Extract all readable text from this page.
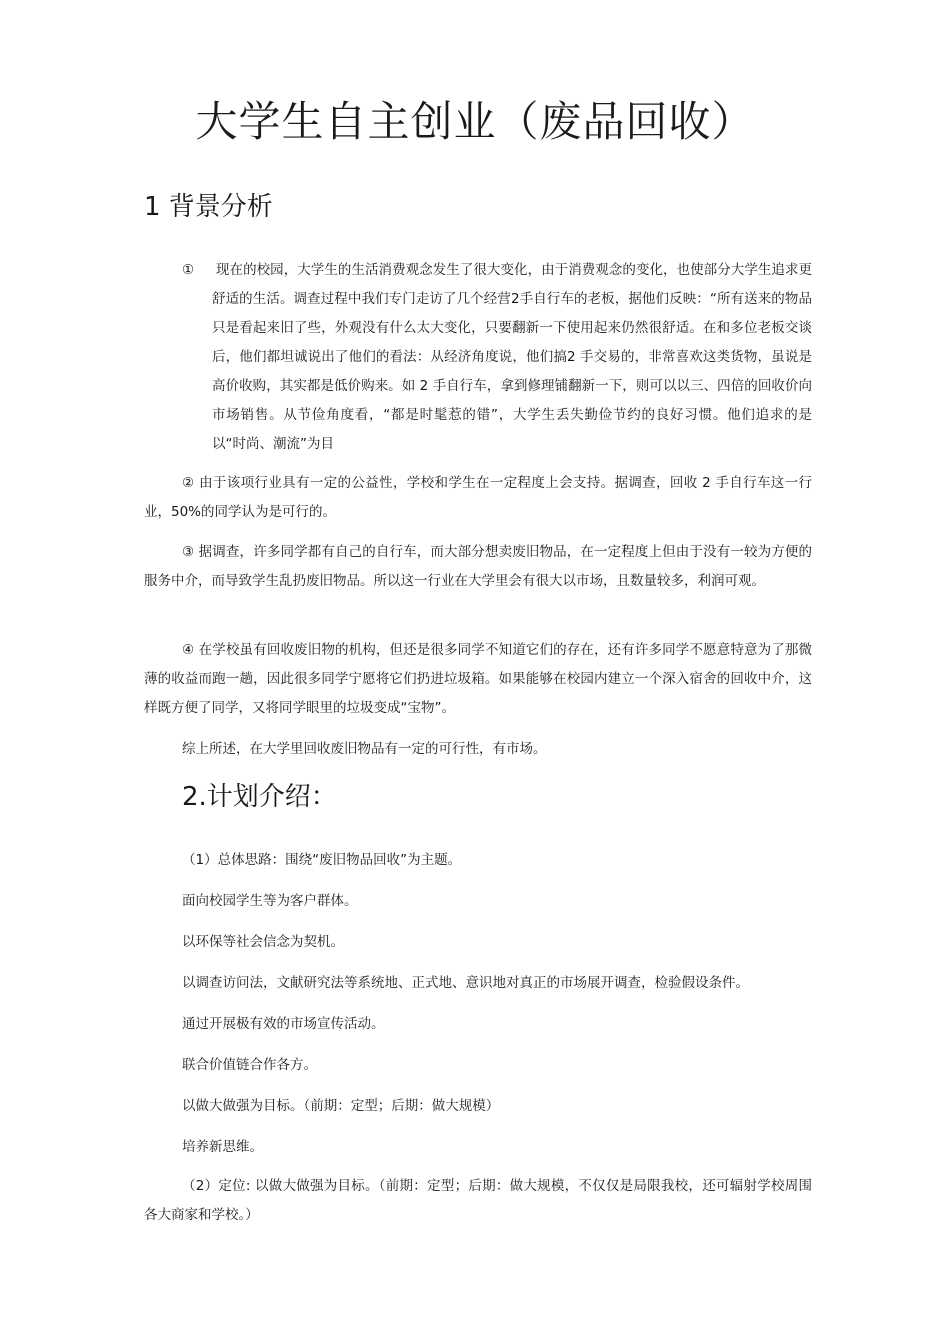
大学生自主创业（废品回收）
1 背景分析
① 现在的校园，大学生的生活消费观念发生了很大变化，由于消费观念的变化，也使部分大学生追求更舒适的生活。调查过程中我们专门走访了几个经营2手自行车的老板，据他们反映：“所有送来的物品只是看起来旧了些，外观没有什么太大变化，只要翻新一下使用起来仍然很舒适。在和多位老板交谈后，他们都坦诚说出了他们的看法：从经济角度说，他们搞2 手交易的，非常喜欢这类货物，虽说是高价收购，其实都是低价购来。如 2 手自行车，拿到修理铺翻新一下，则可以以三、四倍的回收价向市场销售。从节俭角度看，“都是时髦惹的错”，大学生丢失勤俭节约的良好习惯。他们追求的是以“时尚、潮流”为目

② 由于该项行业具有一定的公益性，学校和学生在一定程度上会支持。据调查，回收 2 手自行车这一行业，50%的同学认为是可行的。

③ 据调查，许多同学都有自己的自行车，而大部分想卖废旧物品，在一定程度上但由于没有一较为方便的服务中介，而导致学生乱扔废旧物品。所以这一行业在大学里会有很大以市场，且数量较多，利润可观。

④ 在学校虽有回收废旧物的机构，但还是很多同学不知道它们的存在，还有许多同学不愿意特意为了那微薄的收益而跑一趟，因此很多同学宁愿将它们扔进垃圾箱。如果能够在校园内建立一个深入宿舍的回收中介，这样既方便了同学，又将同学眼里的垃圾变成“宝物”。

综上所述，在大学里回收废旧物品有一定的可行性，有市场。

2.计划介绍：

（1）总体思路：围绕“废旧物品回收”为主题。

面向校园学生等为客户群体。

以环保等社会信念为契机。

以调查访问法，文献研究法等系统地、正式地、意识地对真正的市场展开调查，检验假设条件。

通过开展极有效的市场宣传活动。

联合价值链合作各方。

以做大做强为目标。（前期：定型；后期：做大规模）

培养新思维。

（2）定位: 以做大做强为目标。（前期：定型；后期：做大规模，不仅仅是局限我校，还可辐射学校周围各大商家和学校。）
